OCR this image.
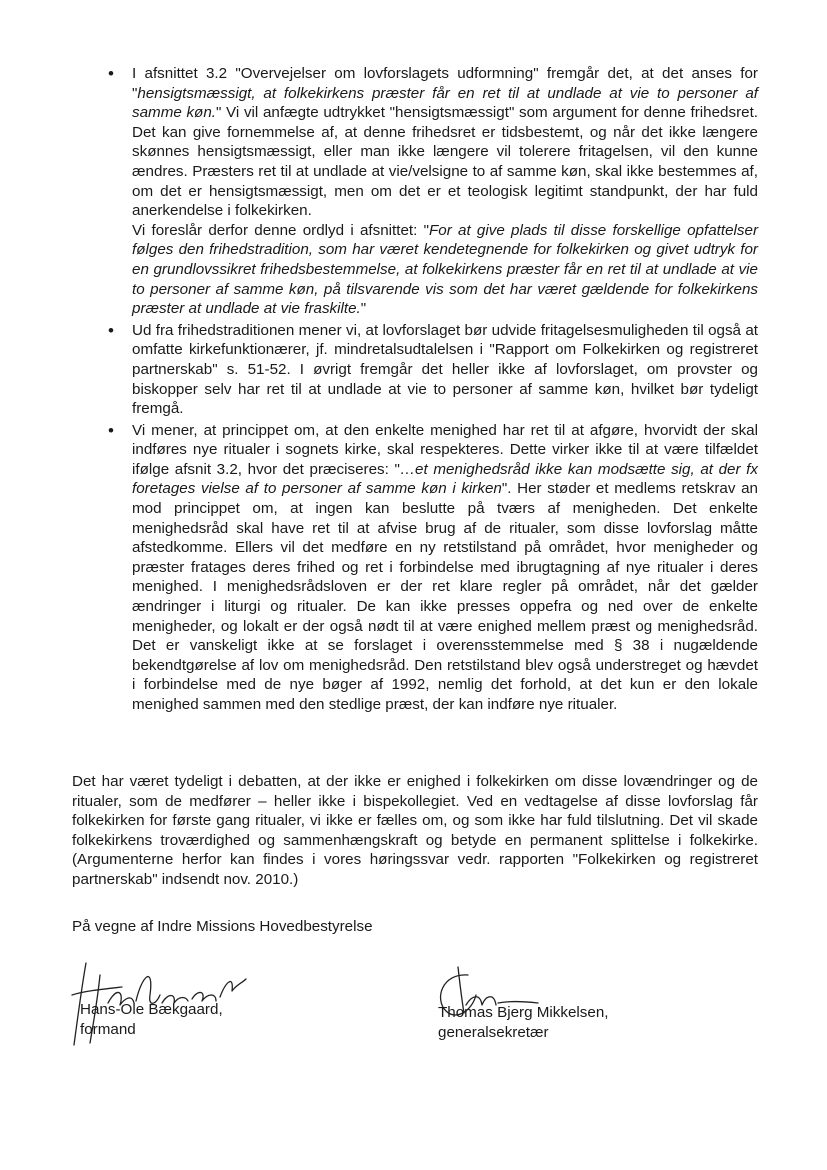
• I afsnittet 3.2 "Overvejelser om lovforslagets udformning" fremgår det, at det anses for "hensigtsmæssigt, at folkekirkens præster får en ret til at undlade at vie to personer af samme køn." Vi vil anfægte udtrykket "hensigtsmæssigt" som argument for denne frihedsret. Det kan give fornemmelse af, at denne frihedsret er tidsbestemt, og når det ikke længere skønnes hensigtsmæssigt, eller man ikke længere vil tolerere fritagelsen, vil den kunne ændres. Præsters ret til at undlade at vie/velsigne to af samme køn, skal ikke bestemmes af, om det er hensigtsmæssigt, men om det er et teologisk legitimt standpunkt, der har fuld anerkendelse i folkekirken.

Vi foreslår derfor denne ordlyd i afsnittet: "For at give plads til disse forskellige opfattelser følges den frihedstradition, som har været kendetegnende for folkekirken og givet udtryk for en grundlovssikret frihedsbestemmelse, at folkekirkens præster får en ret til at undlade at vie to personer af samme køn, på tilsvarende vis som det har været gældende for folkekirkens præster at undlade at vie fraskilte."

• Ud fra frihedstraditionen mener vi, at lovforslaget bør udvide fritagelsesmuligheden til også at omfatte kirkefunktionærer, jf. mindretalsudtalelsen i "Rapport om Folkekirken og registreret partnerskab" s. 51-52. I øvrigt fremgår det heller ikke af lovforslaget, om provster og biskopper selv har ret til at undlade at vie to personer af samme køn, hvilket bør tydeligt fremgå.

• Vi mener, at princippet om, at den enkelte menighed har ret til at afgøre, hvorvidt der skal indføres nye ritualer i sognets kirke, skal respekteres. Dette virker ikke til at være tilfældet ifølge afsnit 3.2, hvor det præciseres: "…et menighedsråd ikke kan modsætte sig, at der fx foretages vielse af to personer af samme køn i kirken". Her støder et medlems retskrav an mod princippet om, at ingen kan beslutte på tværs af menigheden. Det enkelte menighedsråd skal have ret til at afvise brug af de ritualer, som disse lovforslag måtte afstedkomme. Ellers vil det medføre en ny retstilstand på området, hvor menigheder og præster fratages deres frihed og ret i forbindelse med ibrugtagning af nye ritualer i deres menighed. I menighedsrådsloven er der ret klare regler på området, når det gælder ændringer i liturgi og ritualer. De kan ikke presses oppefra og ned over de enkelte menigheder, og lokalt er der også nødt til at være enighed mellem præst og menighedsråd. Det er vanskeligt ikke at se forslaget i overensstemmelse med § 38 i nugældende bekendtgørelse af lov om menighedsråd. Den retstilstand blev også understreget og hævdet i forbindelse med de nye bøger af 1992, nemlig det forhold, at det kun er den lokale menighed sammen med den stedlige præst, der kan indføre nye ritualer.

Det har været tydeligt i debatten, at der ikke er enighed i folkekirken om disse lovændringer og de ritualer, som de medfører – heller ikke i bispekollegiet. Ved en vedtagelse af disse lovforslag får folkekirken for første gang ritualer, vi ikke er fælles om, og som ikke har fuld tilslutning. Det vil skade folkekirkens troværdighed og sammenhængskraft og betyde en permanent splittelse i folkekirke. (Argumenterne herfor kan findes i vores høringssvar vedr. rapporten "Folkekirken og registreret partnerskab" indsendt nov. 2010.)

På vegne af Indre Missions Hovedbestyrelse

Hans-Ole Bækgaard,
formand

Thomas Bjerg Mikkelsen,
generalsekretær
